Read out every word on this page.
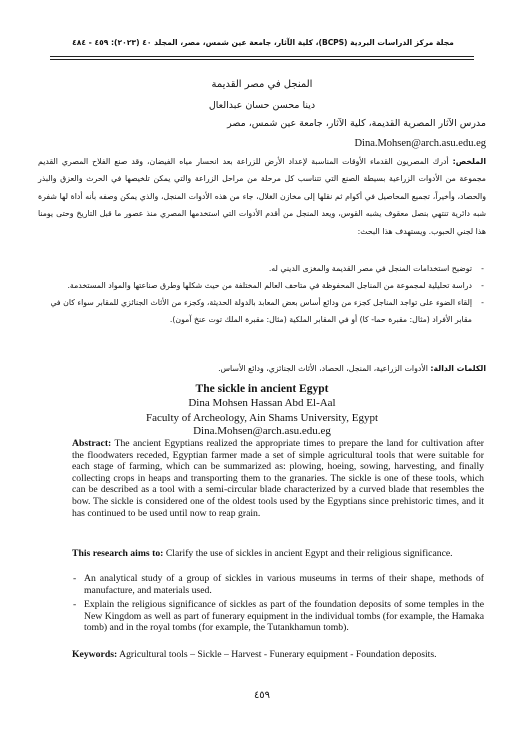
مجلة مركز الدراسات البردية (BCPS)، كلية الآثار، جامعة عين شمس، مصر، المجلد ٤٠ (٢٠٢٣): ٤٥٩ - ٤٨٤
المنجل في مصر القديمة
دينا محسن حسان عبدالعال
مدرس الآثار المصرية القديمة، كلية الآثار، جامعة عين شمس، مصر
Dina.Mohsen@arch.asu.edu.eg
الملخص: أدرك المصريون القدماء الأوقات المناسبة لإعداد الأرض للزراعة بعد انحسار مياه الفيضان، وقد صنع الفلاح المصري القديم مجموعة من الأدوات الزراعية بسيطة الصنع التي تتناسب كل مرحلة من مراحل الزراعة والتي يمكن تلخيصها في الحرث والعزق والبذر والحصاد، وأخيراً، تجميع المحاصيل في أكوام ثم نقلها إلى مخازن الغلال، جاء من هذه الأدوات المنجل، والذي يمكن وصفه بأنه أداة لها شفرة شبه دائرية تنتهي بنصل معقوف يشبه القوس، ويعد المنجل من أقدم الأدوات التي استخدمها المصري منذ عصور ما قبل التاريخ وحتى يومنا هذا لجني الحبوب. ويستهدف هذا البحث:
- توضيح استخدامات المنجل في مصر القديمة والمغزى الديني له.
- دراسة تحليلية لمجموعة من المناجل المحفوظة في متاحف العالم المختلفة من حيث شكلها وطرق صناعتها والمواد المستخدمة.
- إلقاء الضوء على تواجد المناجل كجزء من ودائع أساس بعض المعابد بالدولة الحديثة، وكجزء من الأثاث الجنائزي للمقابر سواء كان في مقابر الأفراد (مثال: مقبرة حما- كا) أو في المقابر الملكية (مثال: مقبرة الملك توت عنخ آمون).
الكلمات الدالة: الأدوات الزراعية، المنجل، الحصاد، الأثاث الجنائزي، ودائع الأساس.
The sickle in ancient Egypt
Dina Mohsen Hassan Abd El-Aal
Faculty of Archeology, Ain Shams University, Egypt
Dina.Mohsen@arch.asu.edu.eg
Abstract: The ancient Egyptians realized the appropriate times to prepare the land for cultivation after the floodwaters receded, Egyptian farmer made a set of simple agricultural tools that were suitable for each stage of farming, which can be summarized as: plowing, hoeing, sowing, harvesting, and finally collecting crops in heaps and transporting them to the granaries. The sickle is one of these tools, which can be described as a tool with a semi-circular blade characterized by a curved blade that resembles the bow. The sickle is considered one of the oldest tools used by the Egyptians since prehistoric times, and it has continued to be used until now to reap grain.
This research aims to: Clarify the use of sickles in ancient Egypt and their religious significance.
- An analytical study of a group of sickles in various museums in terms of their shape, methods of manufacture, and materials used.
- Explain the religious significance of sickles as part of the foundation deposits of some temples in the New Kingdom as well as part of funerary equipment in the individual tombs (for example, the Hamaka tomb) and in the royal tombs (for example, the Tutankhamun tomb).
Keywords: Agricultural tools – Sickle – Harvest - Funerary equipment - Foundation deposits.
٤٥٩
